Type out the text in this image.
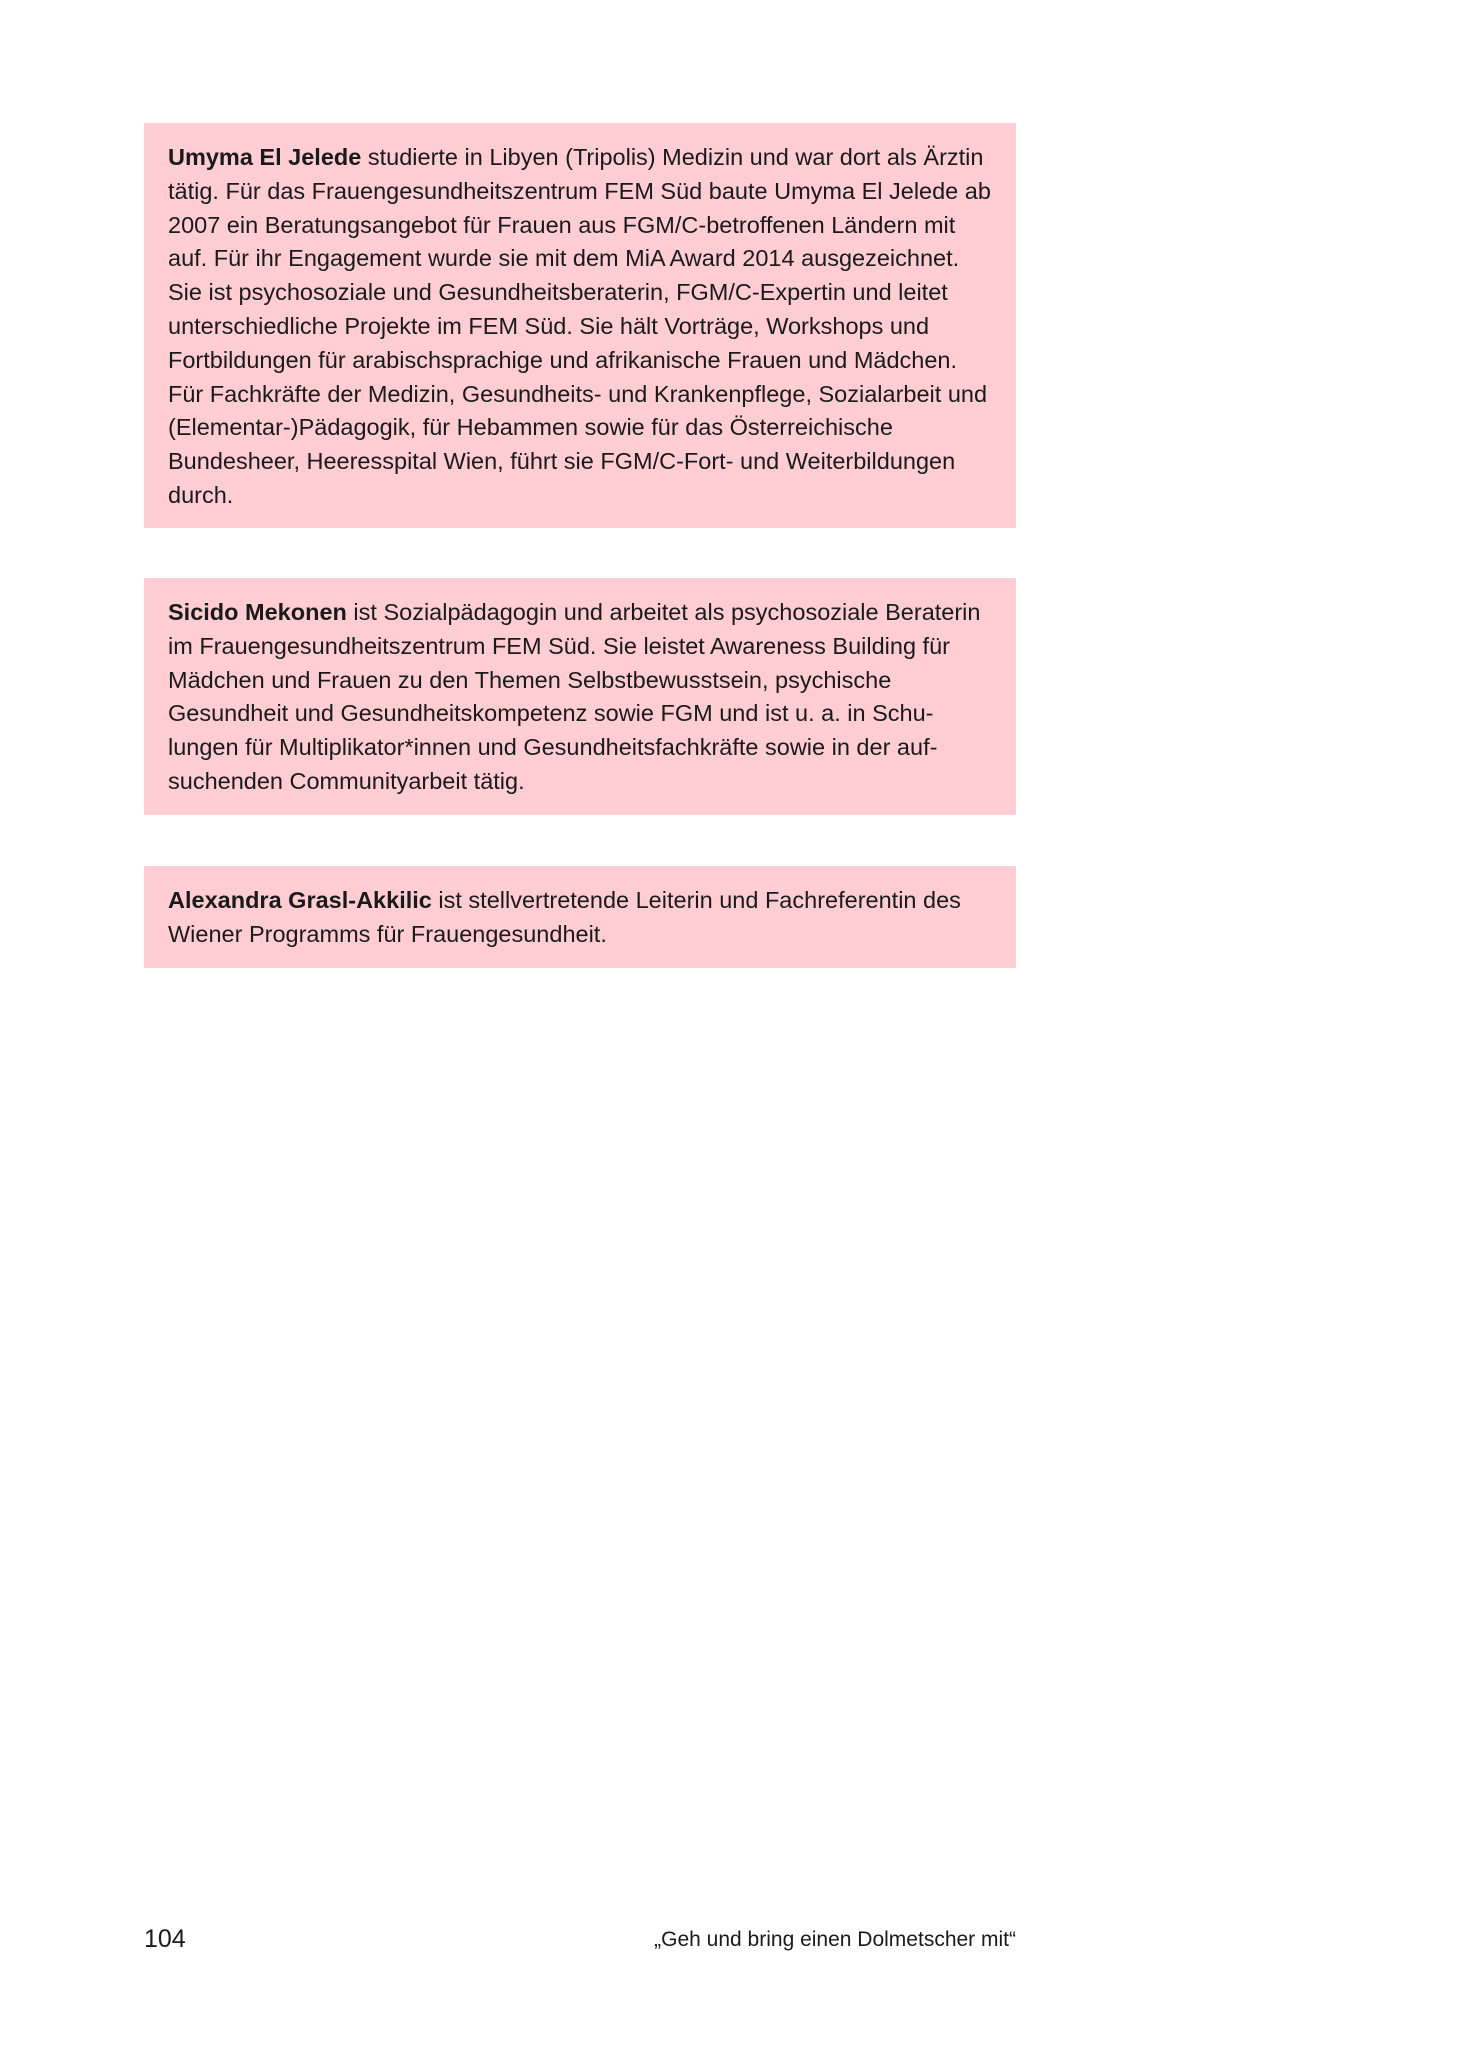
Umyma El Jelede studierte in Libyen (Tripolis) Medizin und war dort als Ärztin tätig. Für das Frauengesundheitszentrum FEM Süd baute Umyma El Jelede ab 2007 ein Beratungsangebot für Frauen aus FGM/C-betroffenen Ländern mit auf. Für ihr Engagement wurde sie mit dem MiA Award 2014 ausgezeichnet. Sie ist psychosoziale und Gesundheitsberaterin, FGM/C-Expertin und leitet unterschiedliche Projekte im FEM Süd. Sie hält Vorträge, Workshops und Fortbildungen für arabischsprachige und afrikanische Frauen und Mädchen. Für Fachkräfte der Medizin, Gesundheits- und Krankenpflege, Sozialarbeit und (Elementar-)Pädagogik, für Hebammen sowie für das Österreichische Bundesheer, Heeresspital Wien, führt sie FGM/C-Fort- und Weiterbildungen durch.
Sicido Mekonen ist Sozialpädagogin und arbeitet als psychosoziale Beraterin im Frauengesundheitszentrum FEM Süd. Sie leistet Awareness Building für Mädchen und Frauen zu den Themen Selbstbewusstsein, psychische Gesundheit und Gesundheitskompetenz sowie FGM und ist u. a. in Schulungen für Multiplikator*innen und Gesundheitsfachkräfte sowie in der aufsuchenden Communityarbeit tätig.
Alexandra Grasl-Akkilic ist stellvertretende Leiterin und Fachreferentin des Wiener Programms für Frauengesundheit.
104	„Geh und bring einen Dolmetscher mit“
